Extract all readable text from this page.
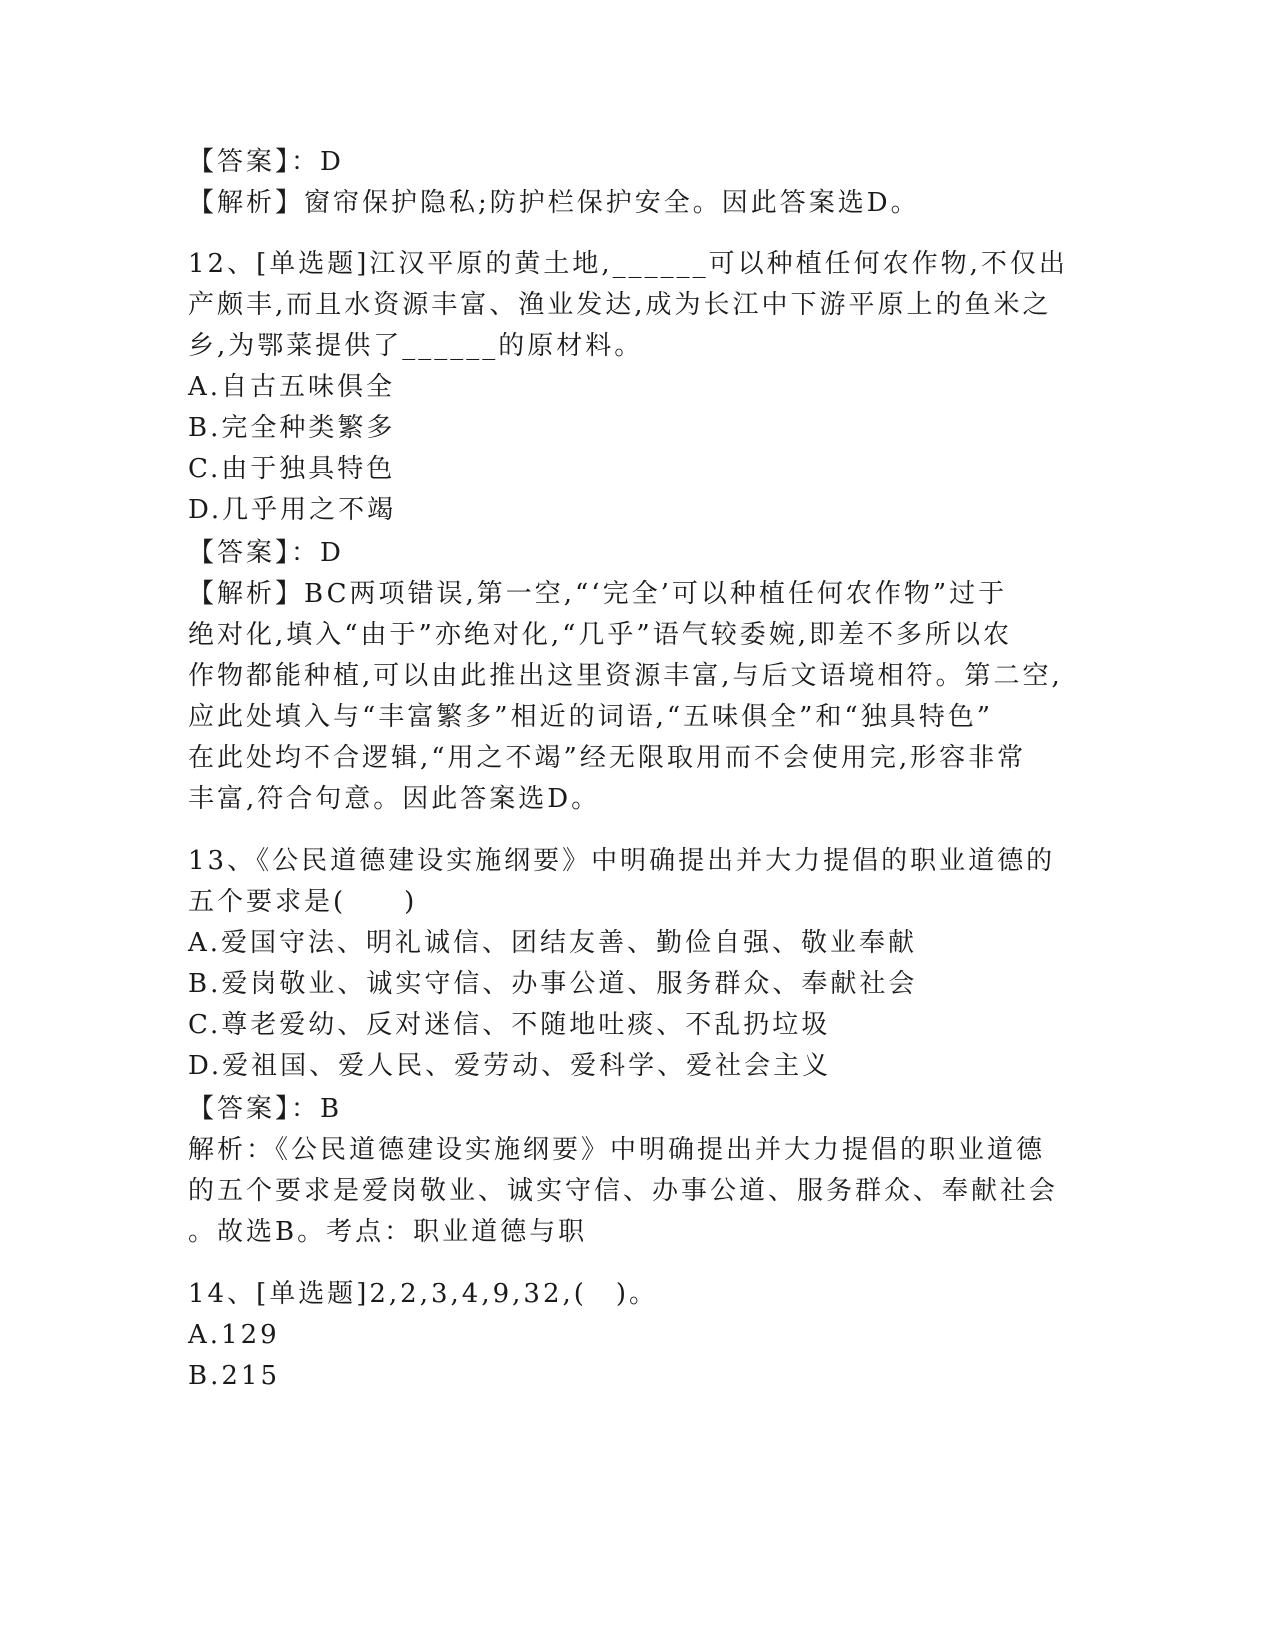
【答案】：D
【解析】窗帘保护隐私;防护栏保护安全。因此答案选D。
12、[单选题]江汉平原的黄土地,______可以种植任何农作物,不仅出
产颇丰,而且水资源丰富、渔业发达,成为长江中下游平原上的鱼米之
乡,为鄂菜提供了______的原材料。
A.自古五味俱全
B.完全种类繁多
C.由于独具特色
D.几乎用之不竭
【答案】：D
【解析】BC两项错误,第一空,“‘完全’可以种植任何农作物”过于
绝对化,填入“由于”亦绝对化,“几乎”语气较委婉,即差不多所以农
作物都能种植,可以由此推出这里资源丰富,与后文语境相符。第二空,
应此处填入与“丰富繁多”相近的词语,“五味俱全”和“独具特色”
在此处均不合逻辑,“用之不竭”经无限取用而不会使用完,形容非常
丰富,符合句意。因此答案选D。
13、《公民道德建设实施纲要》中明确提出并大力提倡的职业道德的
五个要求是(　　)
A.爱国守法、明礼诚信、团结友善、勤俭自强、敬业奉献
B.爱岗敬业、诚实守信、办事公道、服务群众、奉献社会
C.尊老爱幼、反对迷信、不随地吐痰、不乱扔垃圾
D.爱祖国、爱人民、爱劳动、爱科学、爱社会主义
【答案】：B
解析：《公民道德建设实施纲要》中明确提出并大力提倡的职业道德
的五个要求是爱岗敬业、诚实守信、办事公道、服务群众、奉献社会
。故选B。考点：职业道德与职
14、[单选题]2,2,3,4,9,32,(　)。
A.129
B.215
